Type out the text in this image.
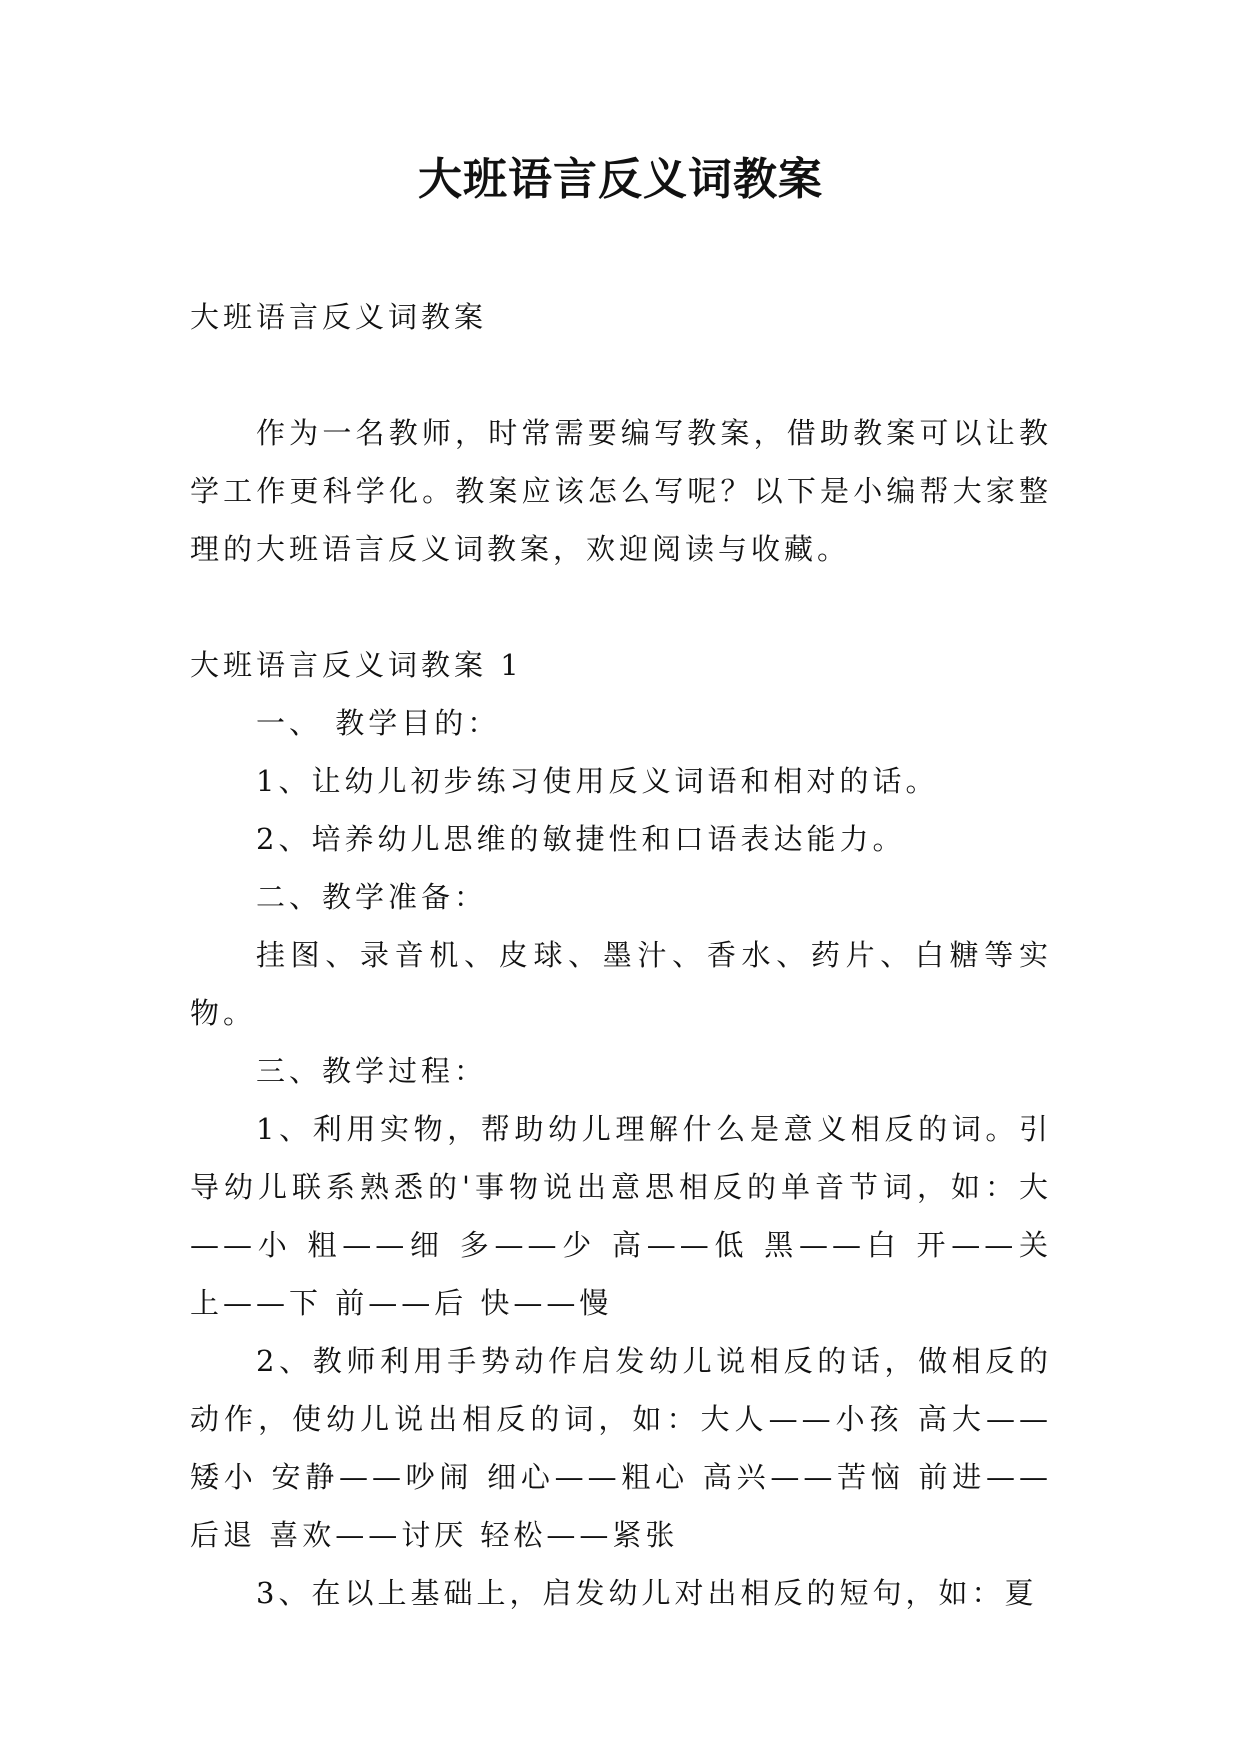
大班语言反义词教案

大班语言反义词教案

作为一名教师，时常需要编写教案，借助教案可以让教学工作更科学化。教案应该怎么写呢？以下是小编帮大家整理的大班语言反义词教案，欢迎阅读与收藏。

大班语言反义词教案 1

一、 教学目的：

1、让幼儿初步练习使用反义词语和相对的话。

2、培养幼儿思维的敏捷性和口语表达能力。

二、教学准备：

挂图、录音机、皮球、墨汁、香水、药片、白糖等实物。

三、教学过程：

1、利用实物，帮助幼儿理解什么是意义相反的词。引导幼儿联系熟悉的'事物说出意思相反的单音节词，如：大——小 粗——细 多——少 高——低 黑——白 开——关 上——下 前——后 快——慢

2、教师利用手势动作启发幼儿说相反的话，做相反的动作，使幼儿说出相反的词，如：大人——小孩 高大——矮小 安静——吵闹 细心——粗心 高兴——苦恼 前进——后退 喜欢——讨厌 轻松——紧张

3、在以上基础上，启发幼儿对出相反的短句，如：夏
